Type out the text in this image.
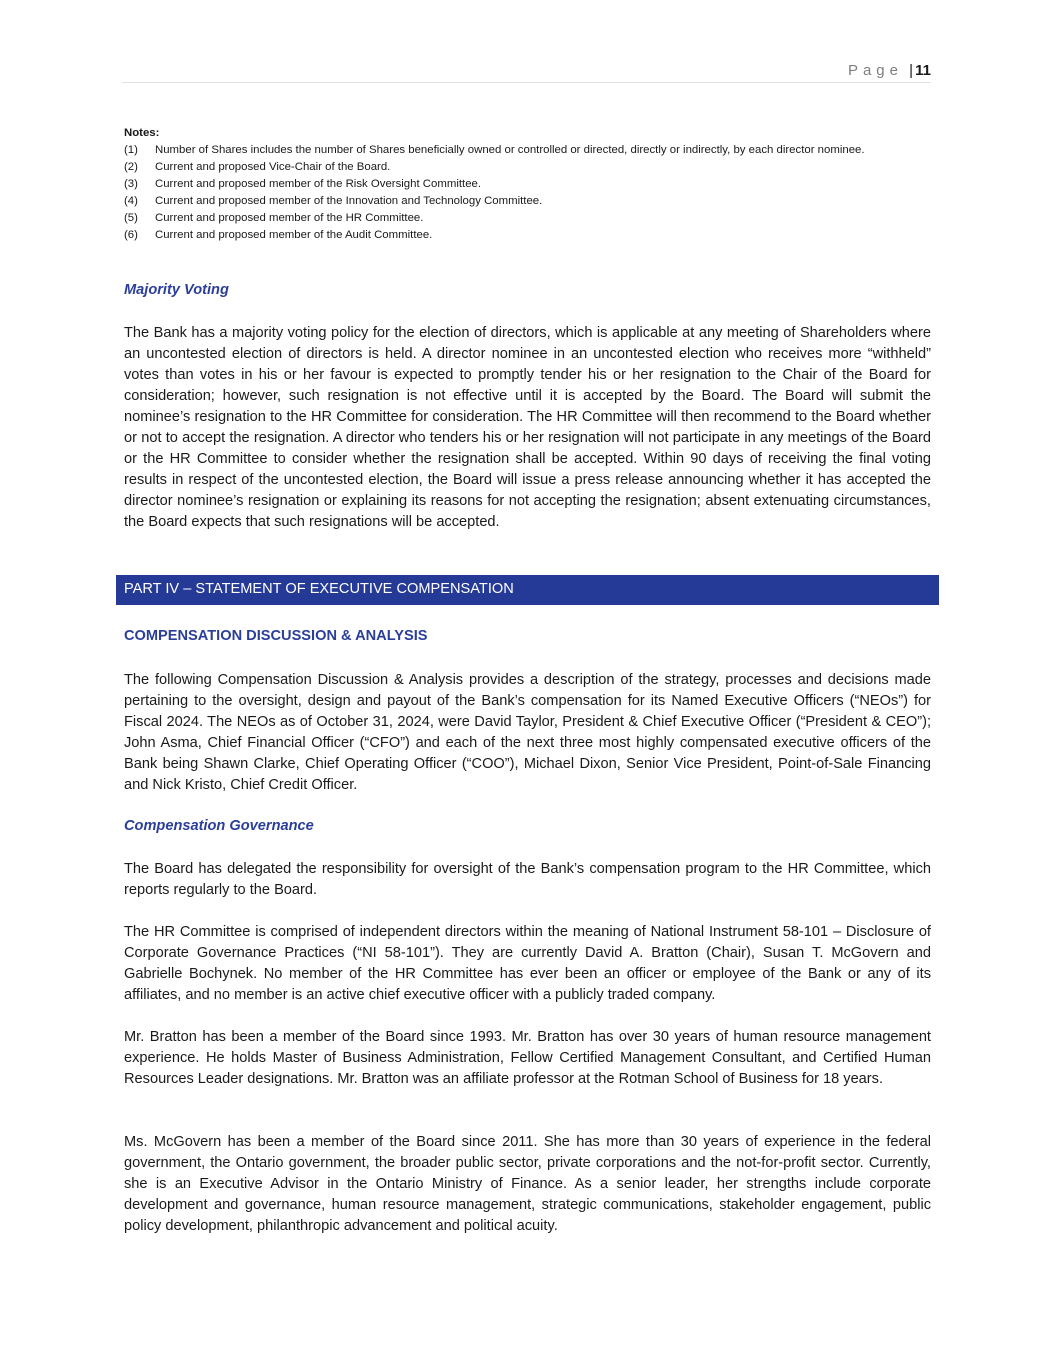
Page | 11
Notes:
(1) Number of Shares includes the number of Shares beneficially owned or controlled or directed, directly or indirectly, by each director nominee.
(2) Current and proposed Vice-Chair of the Board.
(3) Current and proposed member of the Risk Oversight Committee.
(4) Current and proposed member of the Innovation and Technology Committee.
(5) Current and proposed member of the HR Committee.
(6) Current and proposed member of the Audit Committee.
Majority Voting

The Bank has a majority voting policy for the election of directors, which is applicable at any meeting of Shareholders where an uncontested election of directors is held. A director nominee in an uncontested election who receives more “withheld” votes than votes in his or her favour is expected to promptly tender his or her resignation to the Chair of the Board for consideration; however, such resignation is not effective until it is accepted by the Board. The Board will submit the nominee’s resignation to the HR Committee for consideration. The HR Committee will then recommend to the Board whether or not to accept the resignation. A director who tenders his or her resignation will not participate in any meetings of the Board or the HR Committee to consider whether the resignation shall be accepted. Within 90 days of receiving the final voting results in respect of the uncontested election, the Board will issue a press release announcing whether it has accepted the director nominee’s resignation or explaining its reasons for not accepting the resignation; absent extenuating circumstances, the Board expects that such resignations will be accepted.

PART IV – STATEMENT OF EXECUTIVE COMPENSATION
COMPENSATION DISCUSSION & ANALYSIS

The following Compensation Discussion & Analysis provides a description of the strategy, processes and decisions made pertaining to the oversight, design and payout of the Bank’s compensation for its Named Executive Officers (“NEOs”) for Fiscal 2024. The NEOs as of October 31, 2024, were David Taylor, President & Chief Executive Officer (“President & CEO”); John Asma, Chief Financial Officer (“CFO”) and each of the next three most highly compensated executive officers of the Bank being Shawn Clarke, Chief Operating Officer (“COO”), Michael Dixon, Senior Vice President, Point-of-Sale Financing and Nick Kristo, Chief Credit Officer.

Compensation Governance

The Board has delegated the responsibility for oversight of the Bank’s compensation program to the HR Committee, which reports regularly to the Board.

The HR Committee is comprised of independent directors within the meaning of National Instrument 58-101 – Disclosure of Corporate Governance Practices (“NI 58-101”). They are currently David A. Bratton (Chair), Susan T. McGovern and Gabrielle Bochynek. No member of the HR Committee has ever been an officer or employee of the Bank or any of its affiliates, and no member is an active chief executive officer with a publicly traded company.

Mr. Bratton has been a member of the Board since 1993. Mr. Bratton has over 30 years of human resource management experience. He holds Master of Business Administration, Fellow Certified Management Consultant, and Certified Human Resources Leader designations. Mr. Bratton was an affiliate professor at the Rotman School of Business for 18 years.

Ms. McGovern has been a member of the Board since 2011. She has more than 30 years of experience in the federal government, the Ontario government, the broader public sector, private corporations and the not-for-profit sector. Currently, she is an Executive Advisor in the Ontario Ministry of Finance. As a senior leader, her strengths include corporate development and governance, human resource management, strategic communications, stakeholder engagement, public policy development, philanthropic advancement and political acuity.
